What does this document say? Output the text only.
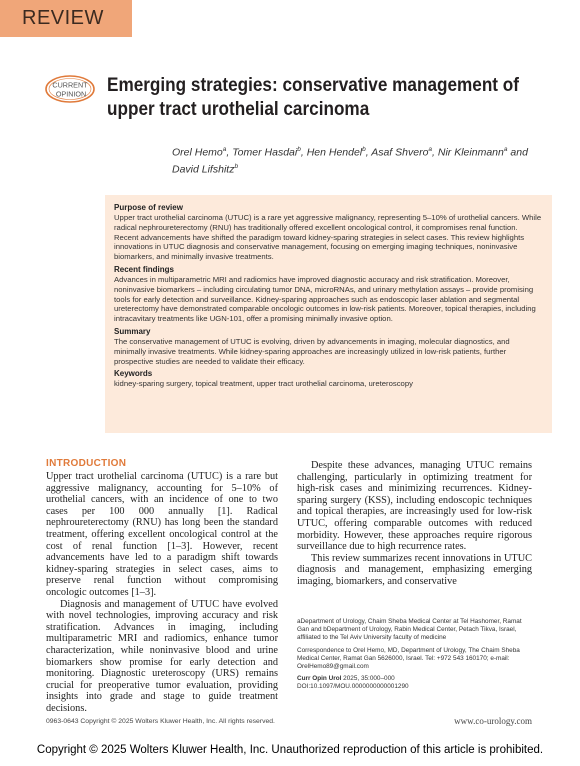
REVIEW
CURRENT
OPINION Emerging strategies: conservative management of upper tract urothelial carcinoma
Orel Hemo$^a$, Tomer Hasdai$^b$, Hen Hendel$^b$, Asaf Shvero$^a$, Nir Kleinmann$^a$ and David Lifshitz$^b$
Purpose of review

Upper tract urothelial carcinoma (UTUC) is a rare yet aggressive malignancy, representing 5–10% of urothelial cancers. While radical nephroureterectomy (RNU) has traditionally offered excellent oncological control, it compromises renal function. Recent advancements have shifted the paradigm toward kidney-sparing strategies in select cases. This review highlights innovations in UTUC diagnosis and conservative management, focusing on emerging imaging techniques, noninvasive biomarkers, and minimally invasive treatments.

Recent findings

Advances in multiparametric MRI and radiomics have improved diagnostic accuracy and risk stratification. Moreover, noninvasive biomarkers – including circulating tumor DNA, microRNAs, and urinary methylation assays – provide promising tools for early detection and surveillance. Kidney-sparing approaches such as endoscopic laser ablation and segmental ureterectomy have demonstrated comparable oncologic outcomes in low-risk patients. Moreover, topical therapies, including intracavitary treatments like UGN-101, offer a promising minimally invasive option.

Summary

The conservative management of UTUC is evolving, driven by advancements in imaging, molecular diagnostics, and minimally invasive treatments. While kidney-sparing approaches are increasingly utilized in low-risk patients, further prospective studies are needed to validate their efficacy.

Keywords

kidney-sparing surgery, topical treatment, upper tract urothelial carcinoma, ureteroscopy

INTRODUCTION

Upper tract urothelial carcinoma (UTUC) is a rare but aggressive malignancy, accounting for 5–10% of urothelial cancers, with an incidence of one to two cases per 100 000 annually [1]. Radical nephroureterectomy (RNU) has long been the standard treatment, offering excellent oncological control at the cost of renal function [1–3]. However, recent advancements have led to a paradigm shift towards kidney-sparing strategies in select cases, aims to preserve renal function without compromising oncologic outcomes [1–3].

Diagnosis and management of UTUC have evolved with novel technologies, improving accuracy and risk stratification. Advances in imaging, including multiparametric MRI and radiomics, enhance tumor characterization, while noninvasive blood and urine biomarkers show promise for early detection and monitoring. Diagnostic ureteroscopy (URS) remains crucial for preoperative tumor evaluation, providing insights into grade and stage to guide treatment decisions.

Despite these advances, managing UTUC remains challenging, particularly in optimizing treatment for high-risk cases and minimizing recurrences. Kidney-sparing surgery (KSS), including endoscopic techniques and topical therapies, are increasingly used for low-risk UTUC, offering comparable outcomes with reduced morbidity. However, these approaches require rigorous surveillance due to high recurrence rates.

This review summarizes recent innovations in UTUC diagnosis and management, emphasizing emerging imaging, biomarkers, and conservative

aDepartment of Urology, Chaim Sheba Medical Center at Tel Hashomer, Ramat Gan and bDepartment of Urology, Rabin Medical Center, Petach Tikva, Israel, affiliated to the Tel Aviv University faculty of medicine

Correspondence to Orel Hemo, MD, Department of Urology, The Chaim Sheba Medical Center, Ramat Gan 5626000, Israel. Tel: +972 543 160170; e-mail: OrelHemo89@gmail.com

Curr Opin Urol 2025, 35:000–000
DOI:10.1097/MOU.0000000000001290

0963-0643 Copyright © 2025 Wolters Kluwer Health, Inc. All rights reserved.	www.co-urology.com
Copyright © 2025 Wolters Kluwer Health, Inc. Unauthorized reproduction of this article is prohibited.
